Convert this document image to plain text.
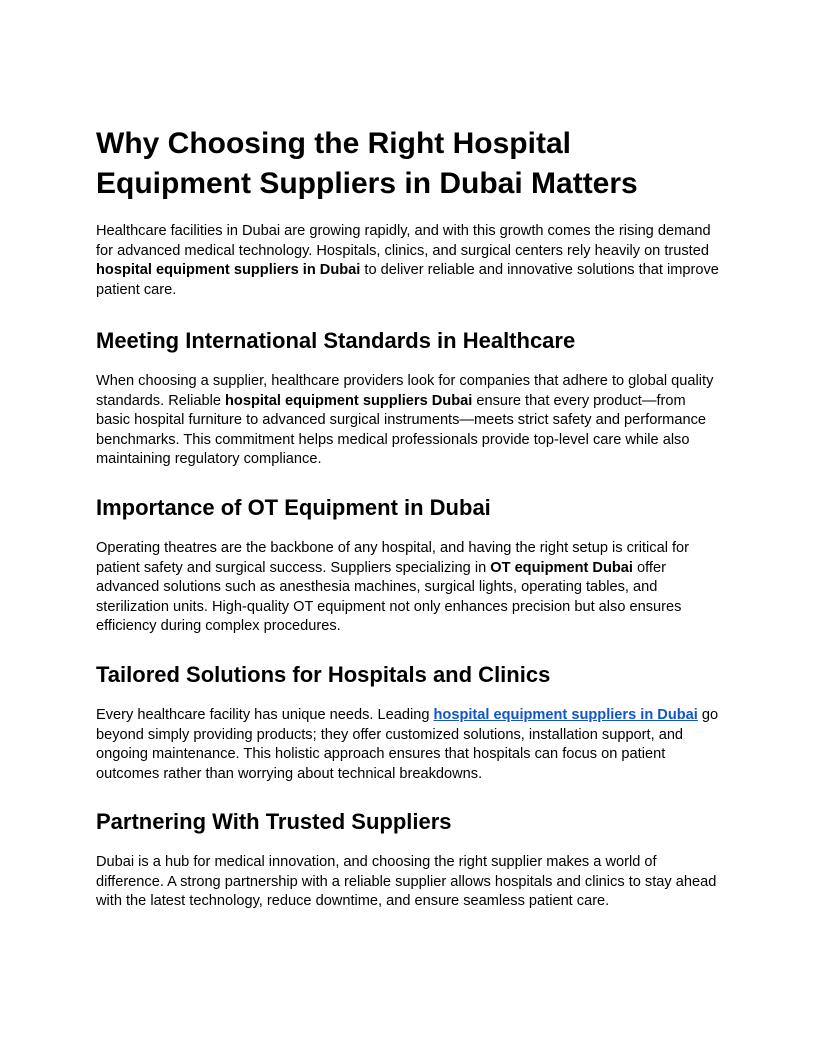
Why Choosing the Right Hospital
Equipment Suppliers in Dubai Matters

Healthcare facilities in Dubai are growing rapidly, and with this growth comes the rising demand for advanced medical technology. Hospitals, clinics, and surgical centers rely heavily on trusted hospital equipment suppliers in Dubai to deliver reliable and innovative solutions that improve patient care.

Meeting International Standards in Healthcare

When choosing a supplier, healthcare providers look for companies that adhere to global quality standards. Reliable hospital equipment suppliers Dubai ensure that every product—from basic hospital furniture to advanced surgical instruments—meets strict safety and performance benchmarks. This commitment helps medical professionals provide top-level care while also maintaining regulatory compliance.

Importance of OT Equipment in Dubai

Operating theatres are the backbone of any hospital, and having the right setup is critical for patient safety and surgical success. Suppliers specializing in OT equipment Dubai offer advanced solutions such as anesthesia machines, surgical lights, operating tables, and sterilization units. High-quality OT equipment not only enhances precision but also ensures efficiency during complex procedures.

Tailored Solutions for Hospitals and Clinics

Every healthcare facility has unique needs. Leading hospital equipment suppliers in Dubai go beyond simply providing products; they offer customized solutions, installation support, and ongoing maintenance. This holistic approach ensures that hospitals can focus on patient outcomes rather than worrying about technical breakdowns.

Partnering With Trusted Suppliers

Dubai is a hub for medical innovation, and choosing the right supplier makes a world of difference. A strong partnership with a reliable supplier allows hospitals and clinics to stay ahead with the latest technology, reduce downtime, and ensure seamless patient care.
